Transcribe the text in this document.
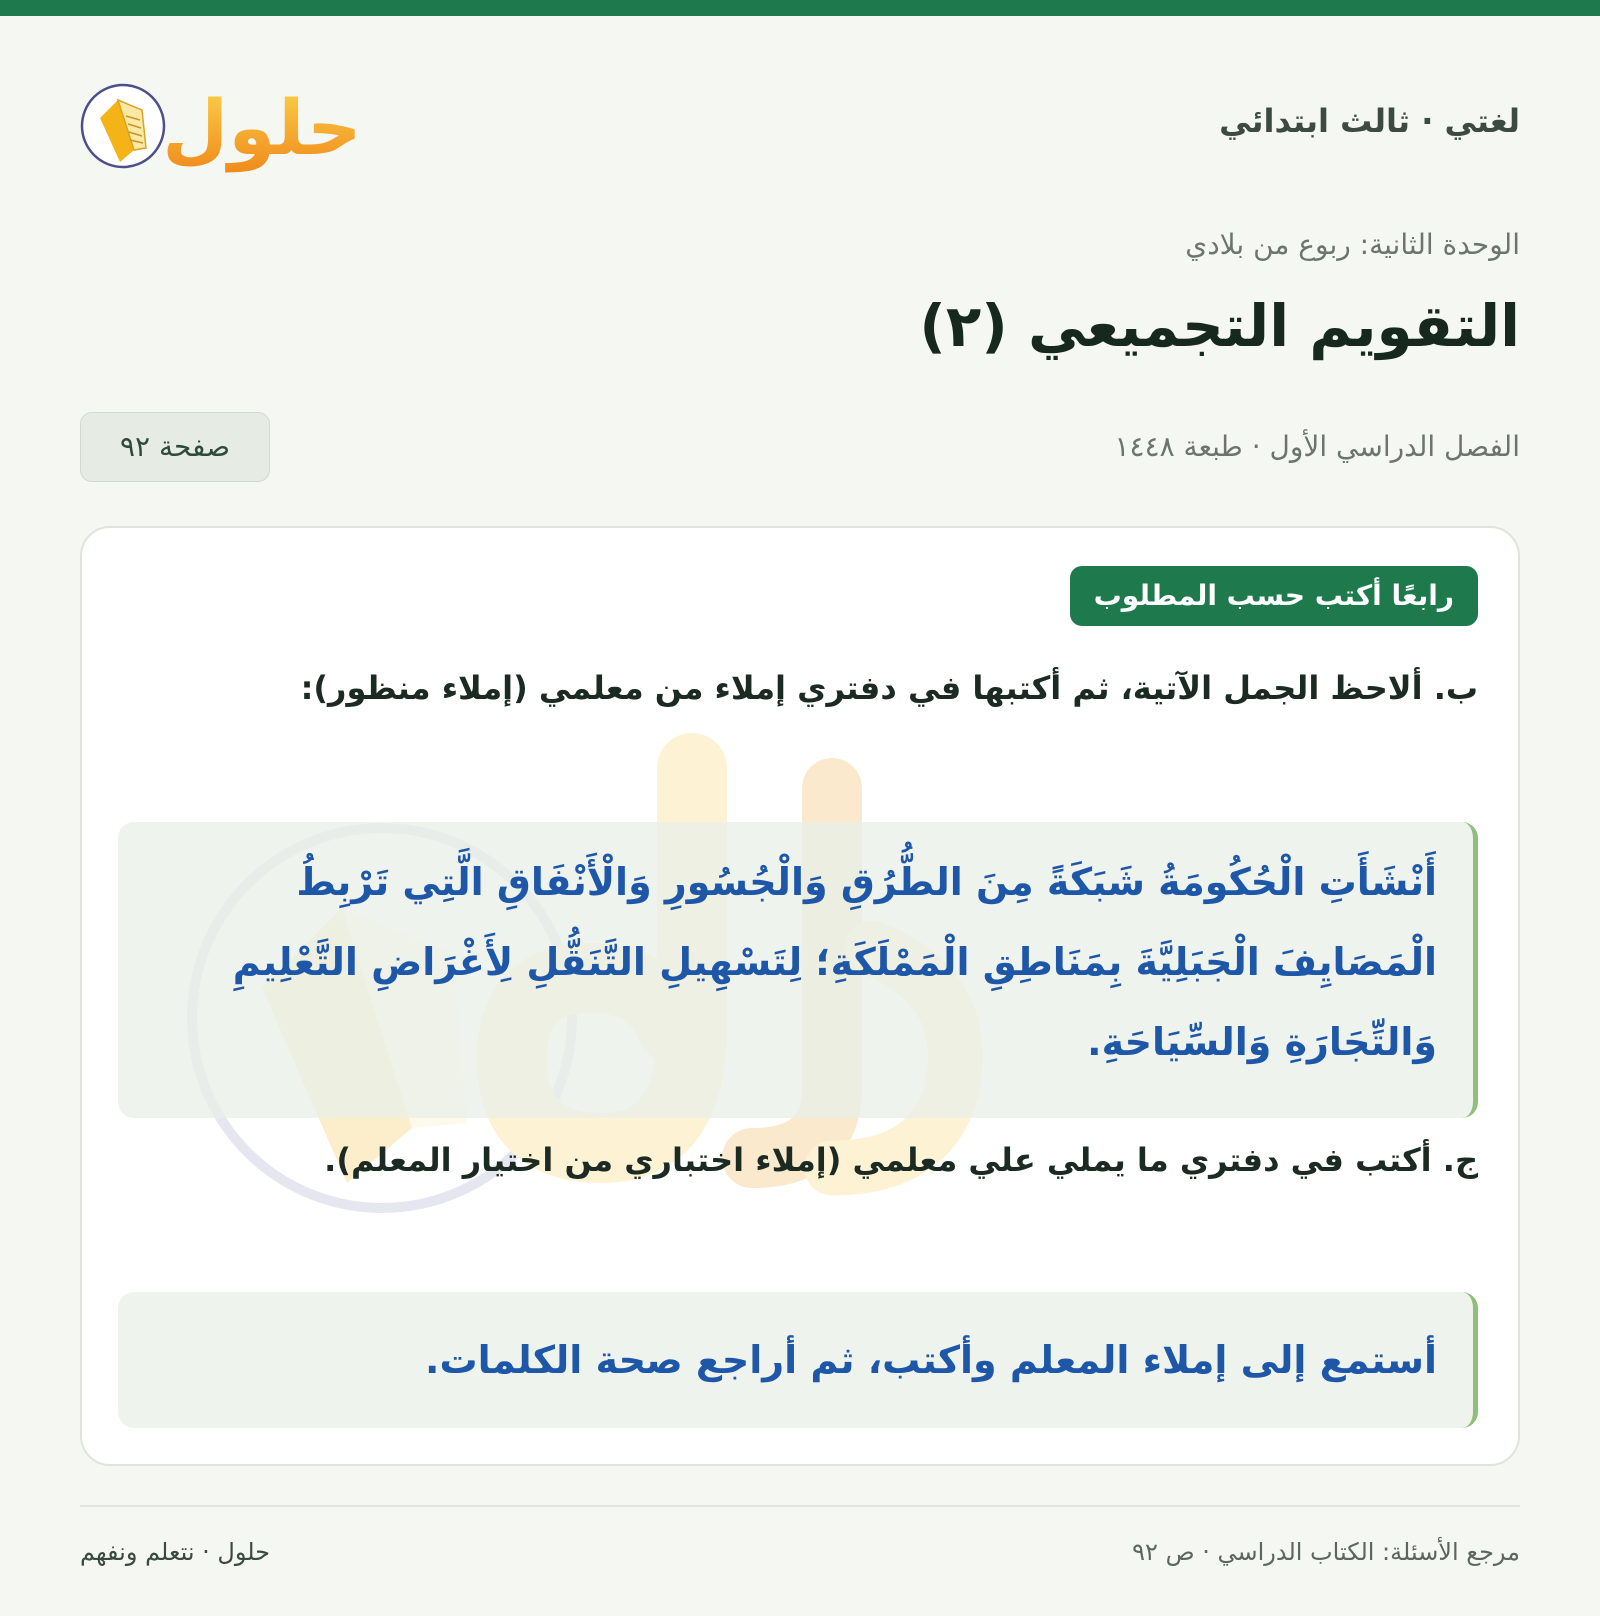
لغتي · ثالث ابتدائي
حلول
الوحدة الثانية: ربوع من بلادي
التقويم التجميعي (٢)
الفصل الدراسي الأول · طبعة ١٤٤٨
صفحة ٩٢
رابعًا أكتب حسب المطلوب

ب. ألاحظ الجمل الآتية، ثم أكتبها في دفتري إملاء من معلمي (إملاء منظور):

أَنْشَأَتِ الْحُكُومَةُ شَبَكَةً مِنَ الطُّرُقِ وَالْجُسُورِ وَالْأَنْفَاقِ الَّتِي تَرْبِطُ الْمَصَايِفَ الْجَبَلِيَّةَ بِمَنَاطِقِ الْمَمْلَكَةِ؛ لِتَسْهِيلِ التَّنَقُّلِ لِأَغْرَاضِ التَّعْلِيمِ وَالتِّجَارَةِ وَالسِّيَاحَةِ.

ج. أكتب في دفتري ما يملي علي معلمي (إملاء اختباري من اختيار المعلم).

أستمع إلى إملاء المعلم وأكتب، ثم أراجع صحة الكلمات.

مرجع الأسئلة: الكتاب الدراسي · ص ٩٢
حلول · نتعلم ونفهم
